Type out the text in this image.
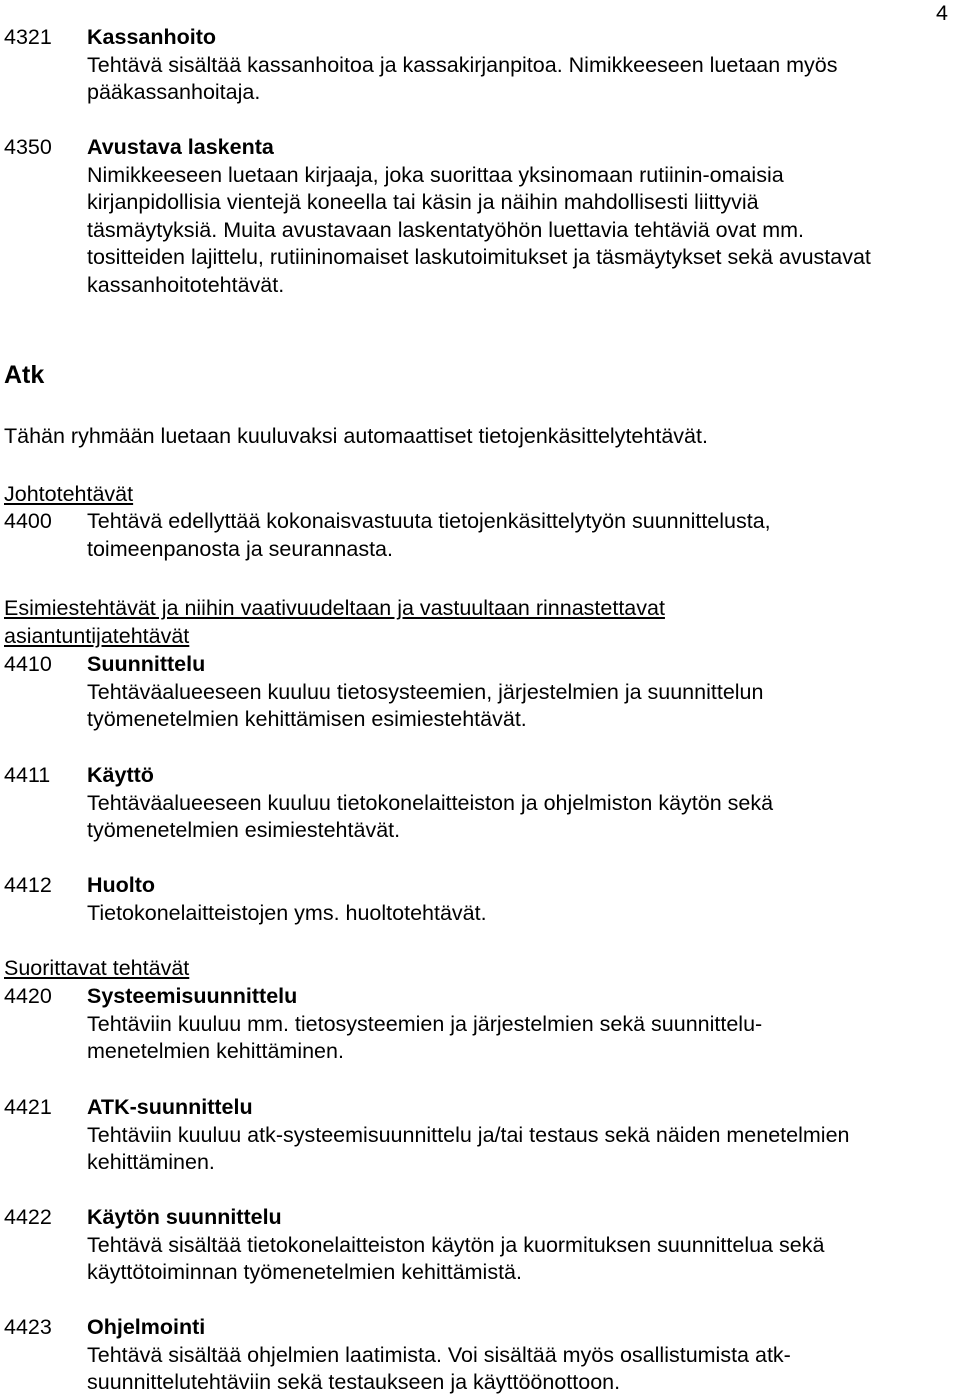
4
4321	Kassanhoito
Tehtävä sisältää kassanhoitoa ja kassakirjanpitoa. Nimikkeeseen luetaan myös
pääkassanhoitaja.
4350	Avustava laskenta
Nimikkeeseen luetaan kirjaaja, joka suorittaa yksinomaan rutiinin-omaisia
kirjanpidollisia vientejä koneella tai käsin ja näihin mahdollisesti liittyviä
täsmäytyksiä. Muita avustavaan laskentatyöhön luettavia tehtäviä ovat mm.
tositteiden lajittelu, rutiininomaiset laskutoimitukset ja täsmäytykset sekä avustavat
kassanhoitotehtävät.
Atk
Tähän ryhmään luetaan kuuluvaksi automaattiset tietojenkäsittelytehtävät.
Johtotehtävät
4400	Tehtävä edellyttää kokonaisvastuuta tietojenkäsittelytyön suunnittelusta,
toimeenpanosta ja seurannasta.
Esimiestehtävät ja niihin vaativuudeltaan ja vastuultaan rinnastettavat
asiantuntijatehtävät
4410	Suunnittelu
Tehtäväalueeseen kuuluu tietosysteemien, järjestelmien ja suunnittelun
työmenetelmien kehittämisen esimiestehtävät.
4411	Käyttö
Tehtäväalueeseen kuuluu tietokonelaitteiston ja ohjelmiston käytön sekä
työmenetelmien esimiestehtävät.
4412	Huolto
Tietokonelaitteistojen yms. huoltotehtävät.
Suorittavat tehtävät
4420	Systeemisuunnittelu
Tehtäviin kuuluu mm. tietosysteemien ja järjestelmien sekä suunnittelu-
menetelmien kehittäminen.
4421	ATK-suunnittelu
Tehtäviin kuuluu atk-systeemisuunnittelu ja/tai testaus sekä näiden menetelmien
kehittäminen.
4422	Käytön suunnittelu
Tehtävä sisältää tietokonelaitteiston käytön ja kuormituksen suunnittelua sekä
käyttötoiminnan työmenetelmien kehittämistä.
4423	Ohjelmointi
Tehtävä sisältää ohjelmien laatimista. Voi sisältää myös osallistumista atk-
suunnittelutehtäviin sekä testaukseen ja käyttöönottoon.
